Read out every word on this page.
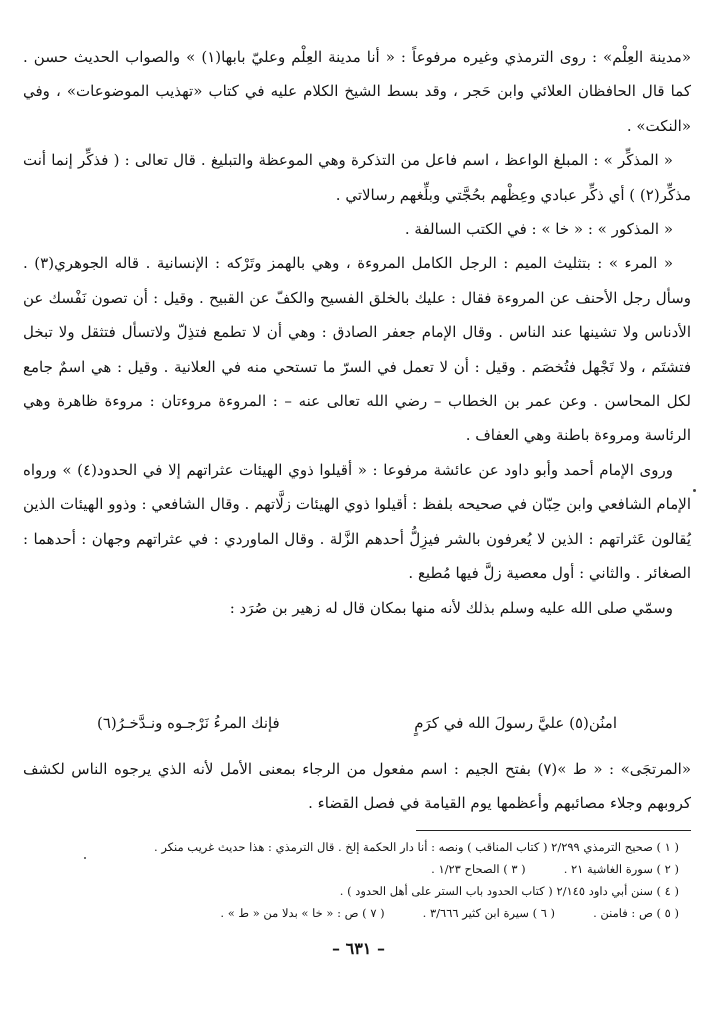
«مدينة العِلْم» : روى الترمذي وغيره مرفوعاً : « أنا مدينة العِلْم وعليّ بابها(١) » والصواب الحديث حسن . كما قال الحافظان العلائي وابن حَجر ، وقد بسط الشيخ الكلام عليه في كتاب «تهذيب الموضوعات» ، وفي «النكت» .

« المذكِّر » : المبلغ الواعظ ، اسم فاعل من التذكرة وهي الموعظة والتبليغ . قال تعالى : ( فذكِّر إنما أنت مذكِّر(٢) ) أي ذكِّر عبادي وعِظْهم بحُجَّتي وبلِّغهم رسالاتي .

« المذكور » : « خا » : في الكتب السالفة .

« المرء » : بتثليث الميم : الرجل الكامل المروءة ، وهي بالهمز وتَرْكه : الإنسانية . قاله الجوهري(٣) . وسأل رجل الأحنف عن المروءة فقال : عليك بالخلق الفسيح والكفّ عن القبيح . وقيل : أن تصون نَفْسك عن الأدناس ولا تشينها عند الناس . وقال الإمام جعفر الصادق : وهي أن لا تطمع فتذِلّ ولاتسأل فتثقل ولا تبخل فتشتَم ، ولا تَجْهل فتُخصَم . وقيل : أن لا تعمل في السرّ ما تستحي منه في العلانية . وقيل : هي اسمٌ جامع لكل المحاسن . وعن عمر بن الخطاب – رضي الله تعالى عنه – : المروءة مروءتان : مروءة ظاهرة وهي الرئاسة ومروءة باطنة وهي العفاف .

وروى الإمام أحمد وأبو داود عن عائشة مرفوعا : « أقيلوا ذوي الهيئات عثراتهم إلا في الحدود(٤) » ورواه الإمام الشافعي وابن حِبّان في صحيحه بلفظ : أقيلوا ذوي الهيئات زلَّاتهم . وقال الشافعي : وذوو الهيئات الذين يُقالون عَثراتهم : الذين لا يُعرفون بالشر فيزِلُّ أحدهم الزَّلة . وقال الماوردي : في عثراتهم وجهان : أحدهما : الصغائر . والثاني : أول معصية زلَّ فيها مُطيع .

وسمّي صلى الله عليه وسلم بذلك لأنه منها بمكان قال له زهير بن صُرَد :

امنُن(٥) عليَّ رسولَ الله في كرَمٍ
فإنك المرءُ نَرْجـوه ونـدَّخـرُ(٦)

«المرتجَى» : « ط »(٧) بفتح الجيم : اسم مفعول من الرجاء بمعنى الأمل لأنه الذي يرجوه الناس لكشف كروبهم وجلاء مصائبهم وأعظمها يوم القيامة في فصل القضاء .

( ١ ) صحيح الترمذي ٢/٢٩٩ ( كتاب المناقب ) ونصه : أنا دار الحكمة إلخ . قال الترمذي : هذا حديث غريب منكر .
( ٢ ) سورة الغاشية ٢١ .
( ٣ ) الصحاح ١/٢٣ .
( ٤ ) سنن أبي داود ٢/١٤٥ ( كتاب الحدود باب الستر على أهل الحدود ) .
( ٥ ) ص : فامنن .
( ٦ ) سيرة ابن كثير ٣/٦٦٦ .
( ٧ ) ص : « خا » بدلا من « ط » .
– ٦٣١ –
